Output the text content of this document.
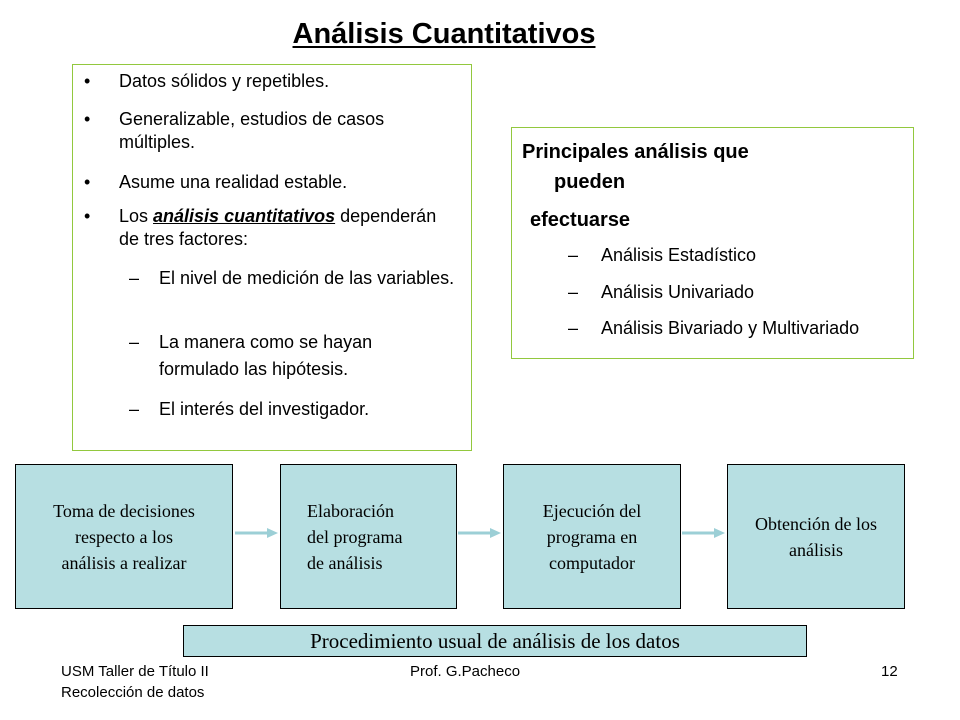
Análisis Cuantitativos
• Datos sólidos y repetibles.
• Generalizable, estudios de casos múltiples.
• Asume una realidad estable.
• Los análisis cuantitativos dependerán de tres factores:
– El nivel de medición de las variables.
– La manera como se hayan formulado las hipótesis.
– El interés del investigador.
Principales análisis que
pueden
efectuarse
– Análisis Estadístico
– Análisis Univariado
– Análisis Bivariado y Multivariado
Toma de decisiones
respecto a los
análisis a realizar
Elaboración
del programa
de análisis
Ejecución del
programa en
computador
Obtención de los
análisis
Procedimiento usual de análisis de los datos
USM Taller de Título II
Recolección de datos
Prof. G.Pacheco	12
